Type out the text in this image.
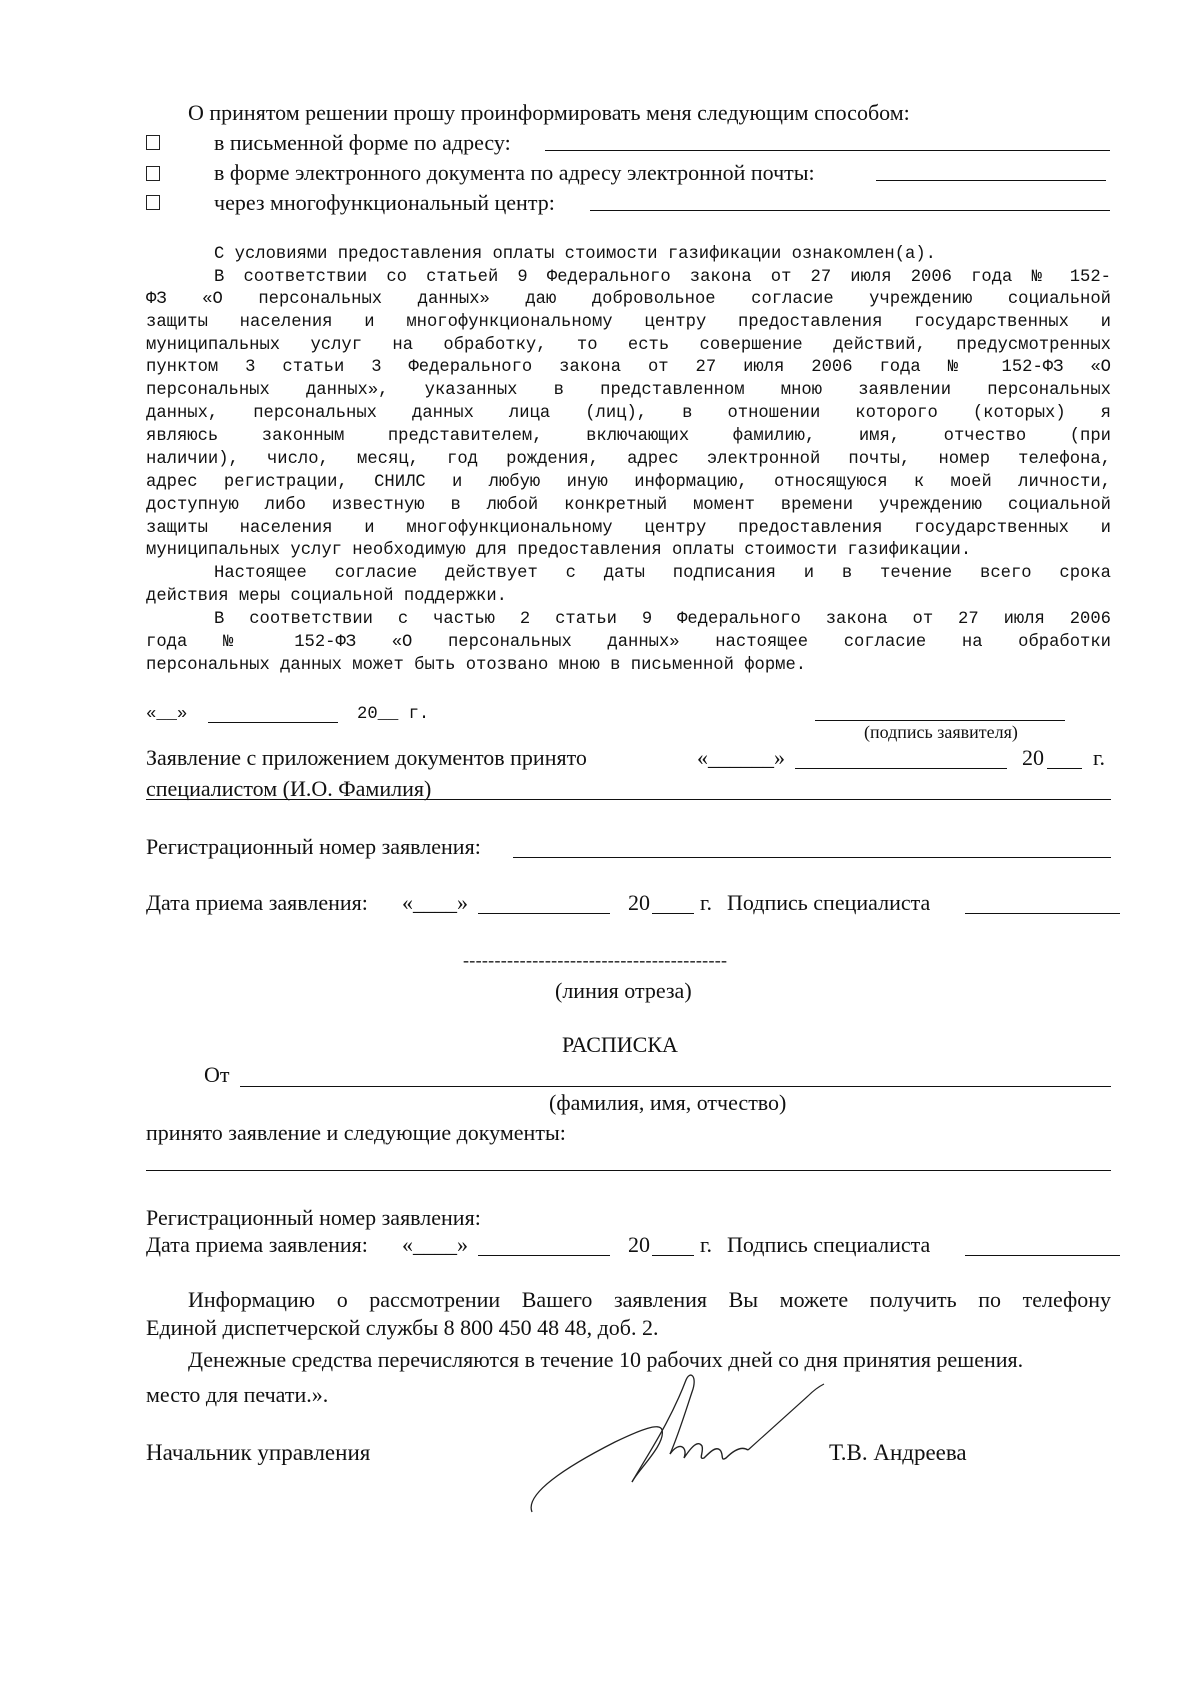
О принятом решении прошу проинформировать меня следующим способом:
в письменной форме по адресу:
в форме электронного документа по адресу электронной почты:
через многофункциональный центр:
С условиями предоставления оплаты стоимости газификации ознакомлен(а).
В соответствии со статьей 9 Федерального закона от 27 июля 2006 года № 152-
ФЗ «О персональных данных» даю добровольное согласие учреждению социальной
защиты населения и многофункциональному центру предоставления государственных и
муниципальных услуг на обработку, то есть совершение действий, предусмотренных
пунктом 3 статьи 3 Федерального закона от 27 июля 2006 года № 152-ФЗ «О
персональных данных», указанных в представленном мною заявлении персональных
данных, персональных данных лица (лиц), в отношении которого (которых) я
являюсь законным представителем, включающих фамилию, имя, отчество (при
наличии), число, месяц, год рождения, адрес электронной почты, номер телефона,
адрес регистрации, СНИЛС и любую иную информацию, относящуюся к моей личности,
доступную либо известную в любой конкретный момент времени учреждению социальной
защиты населения и многофункциональному центру предоставления государственных и
муниципальных услуг необходимую для предоставления оплаты стоимости газификации.
Настоящее согласие действует с даты подписания и в течение всего срока
действия меры социальной поддержки.
В соответствии с частью 2 статьи 9 Федерального закона от 27 июля 2006
года № 152-ФЗ «О персональных данных» настоящее согласие на обработки
персональных данных может быть отозвано мною в письменной форме.
«__»	20__ г.
(подпись заявителя)
Заявление с приложением документов принято	«______»	20 г.
специалистом (И.О. Фамилия)
Регистрационный номер заявления:
Дата приема заявления: «____»	20 г. Подпись специалиста
------------------------------------------
(линия отреза)
РАСПИСКА
От
(фамилия, имя, отчество)
принято заявление и следующие документы:
Регистрационный номер заявления:
Дата приема заявления: «____»	20 г. Подпись специалиста
Информацию о рассмотрении Вашего заявления Вы можете получить по телефону
Единой диспетчерской службы 8 800 450 48 48, доб. 2.
Денежные средства перечисляются в течение 10 рабочих дней со дня принятия решения.
место для печати.».
Начальник управления	Т.В. Андреева
